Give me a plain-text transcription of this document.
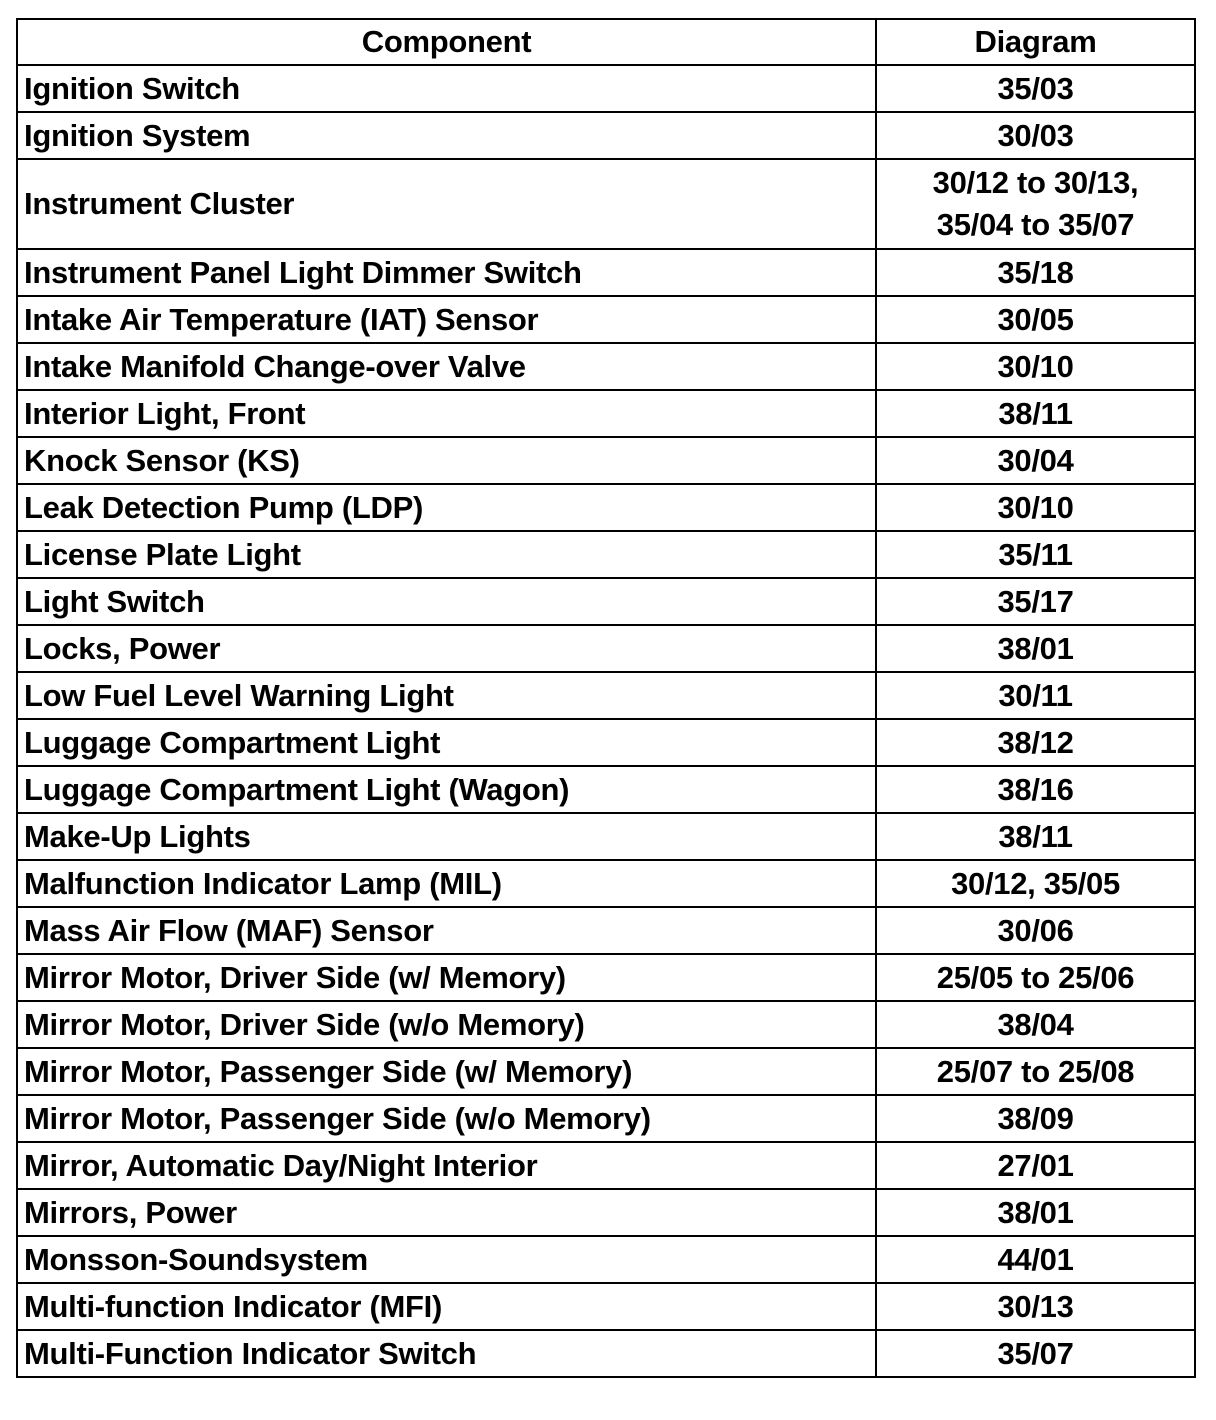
Component	Diagram
Ignition Switch	35/03

Ignition System	30/03

Instrument Cluster	30/12 to 30/13,
35/04 to 35/07

Instrument Panel Light Dimmer Switch	35/18

Intake Air Temperature (IAT) Sensor	30/05

Intake Manifold Change-over Valve	30/10

Interior Light, Front	38/11

Knock Sensor (KS)	30/04

Leak Detection Pump (LDP)	30/10

License Plate Light	35/11

Light Switch	35/17

Locks, Power	38/01

Low Fuel Level Warning Light	30/11

Luggage Compartment Light	38/12

Luggage Compartment Light (Wagon)	38/16

Make-Up Lights	38/11

Malfunction Indicator Lamp (MIL)	30/12, 35/05

Mass Air Flow (MAF) Sensor	30/06

Mirror Motor, Driver Side (w/ Memory)	25/05 to 25/06

Mirror Motor, Driver Side (w/o Memory)	38/04

Mirror Motor, Passenger Side (w/ Memory)	25/07 to 25/08

Mirror Motor, Passenger Side (w/o Memory)	38/09

Mirror, Automatic Day/Night Interior	27/01

Mirrors, Power	38/01

Monsson-Soundsystem	44/01

Multi-function Indicator (MFI)	30/13

Multi-Function Indicator Switch	35/07
